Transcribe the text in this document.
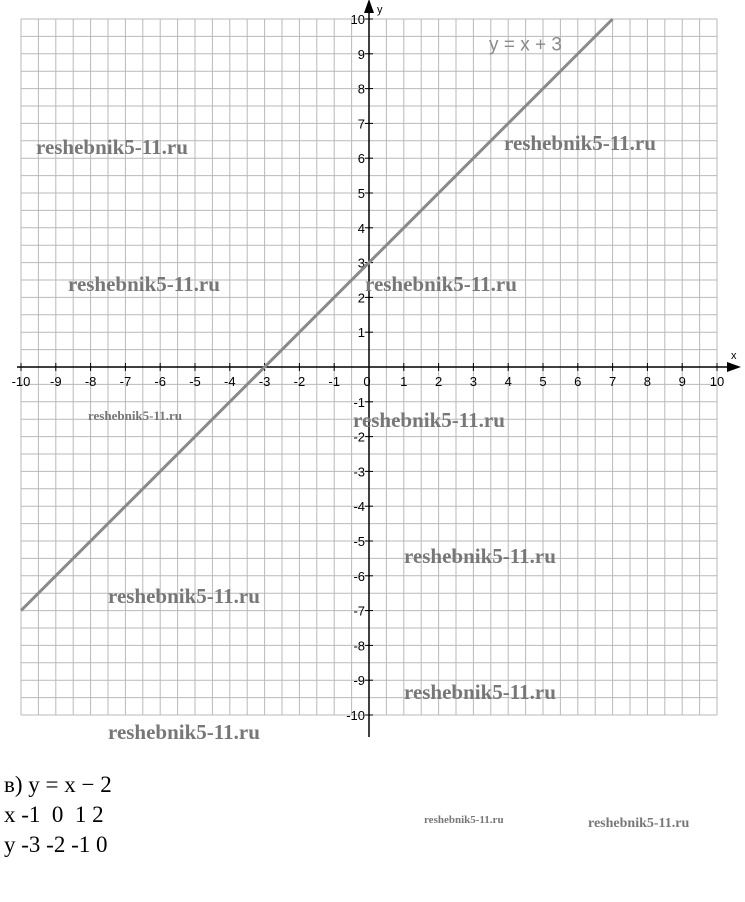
x
y
-10 -9 -8 -7 -6 -5 -4 -3 -2 -1 0 1 2 3 4 5 6 7 8 9 10
-10
-9
-8
-7
-6
-5
-4
-3
-2
-1
1
2
3
4
5
6
7
8
9
10
y = x + 3
reshebnik5-11.ru	reshebnik5-11.ru
reshebnik5-11.ru	reshebnik5-11.ru
reshebnik5-11.ru	reshebnik5-11.ru
reshebnik5-11.ru
reshebnik5-11.ru
reshebnik5-11.ru
reshebnik5-11.ru
reshebnik5-11.ru	reshebnik5-11.ru
в) у = х − 2
х -1  0  1 2
у -3 -2 -1 0
